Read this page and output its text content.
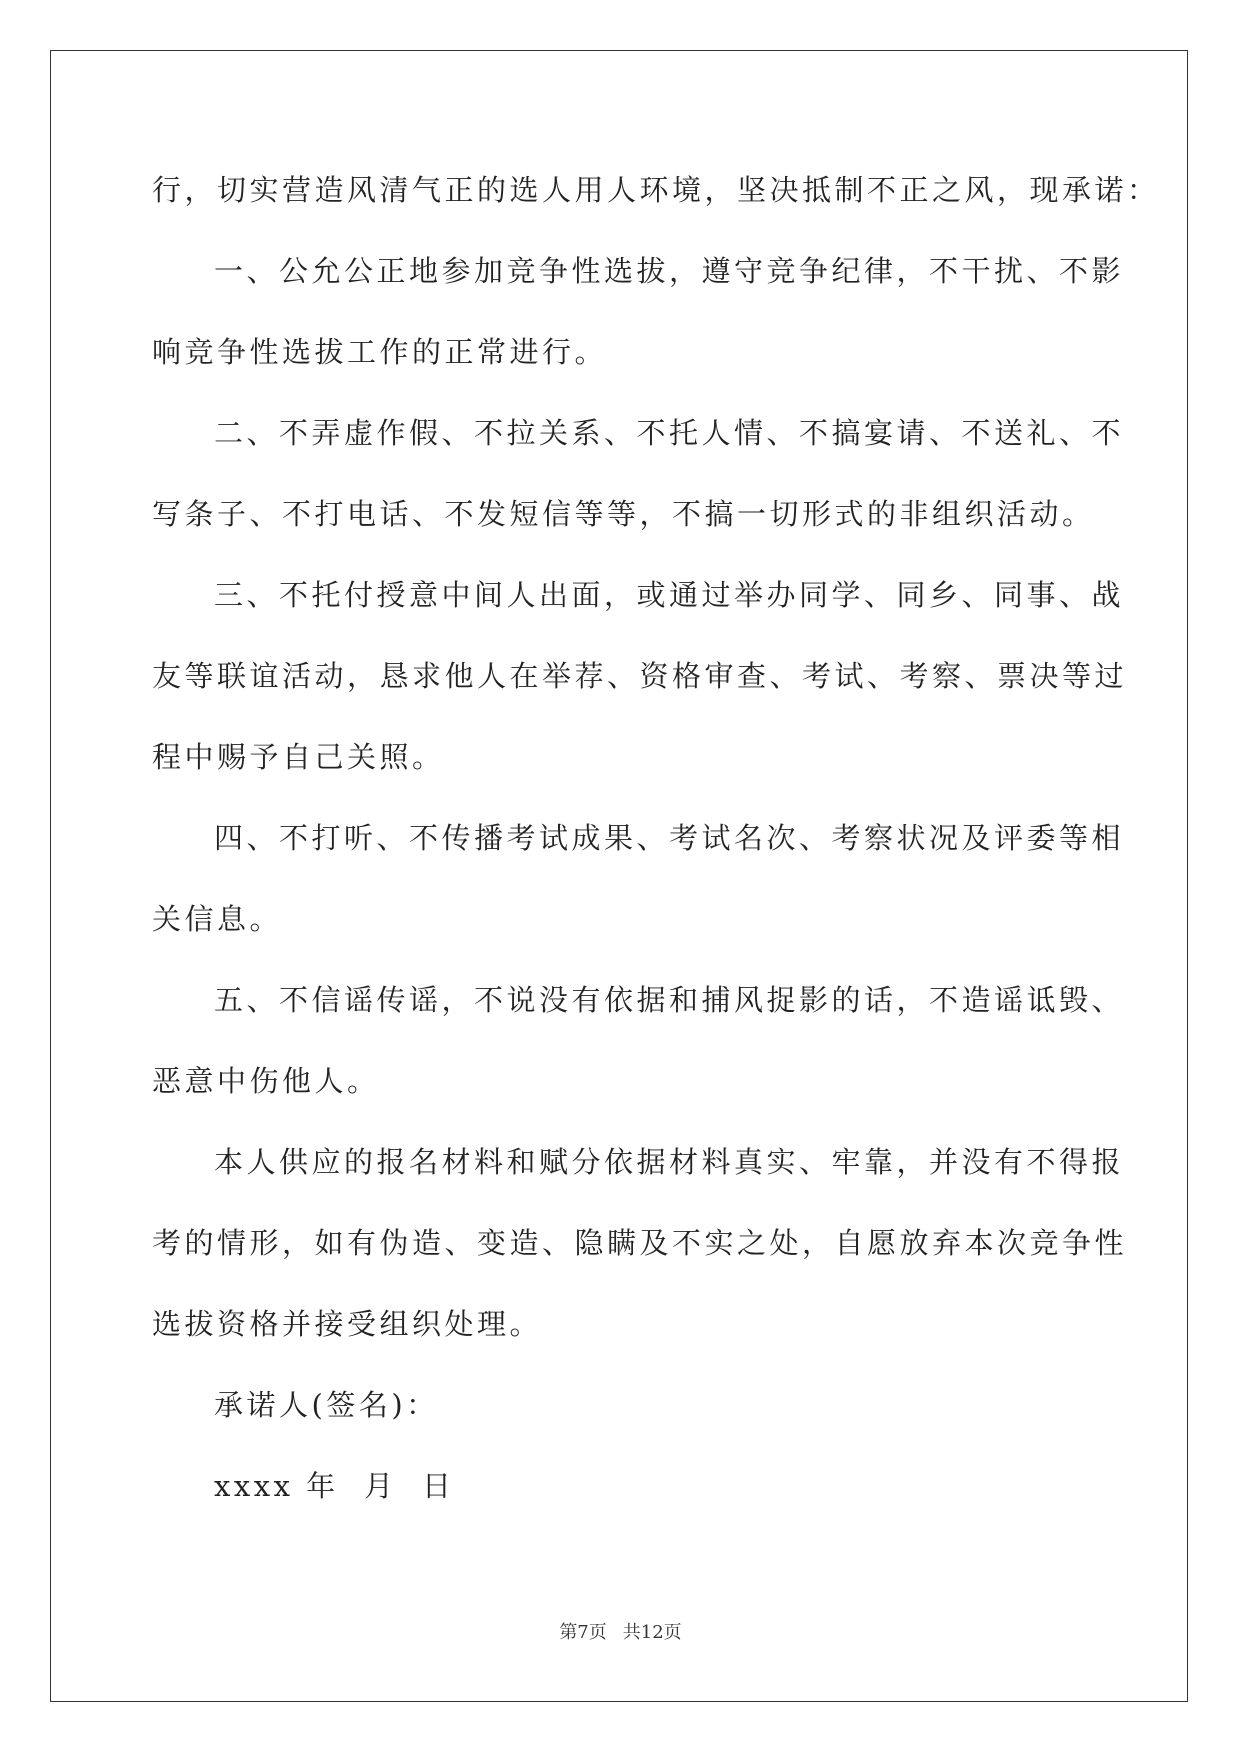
行，切实营造风清气正的选人用人环境，坚决抵制不正之风，现承诺：
一、公允公正地参加竞争性选拔，遵守竞争纪律，不干扰、不影
响竞争性选拔工作的正常进行。
二、不弄虚作假、不拉关系、不托人情、不搞宴请、不送礼、不
写条子、不打电话、不发短信等等，不搞一切形式的非组织活动。
三、不托付授意中间人出面，或通过举办同学、同乡、同事、战
友等联谊活动，恳求他人在举荐、资格审查、考试、考察、票决等过
程中赐予自己关照。
四、不打听、不传播考试成果、考试名次、考察状况及评委等相
关信息。
五、不信谣传谣，不说没有依据和捕风捉影的话，不造谣诋毁、
恶意中伤他人。
本人供应的报名材料和赋分依据材料真实、牢靠，并没有不得报
考的情形，如有伪造、变造、隐瞒及不实之处，自愿放弃本次竞争性
选拔资格并接受组织处理。
承诺人(签名)：
xxxx 年  月  日
第7页 共12页
